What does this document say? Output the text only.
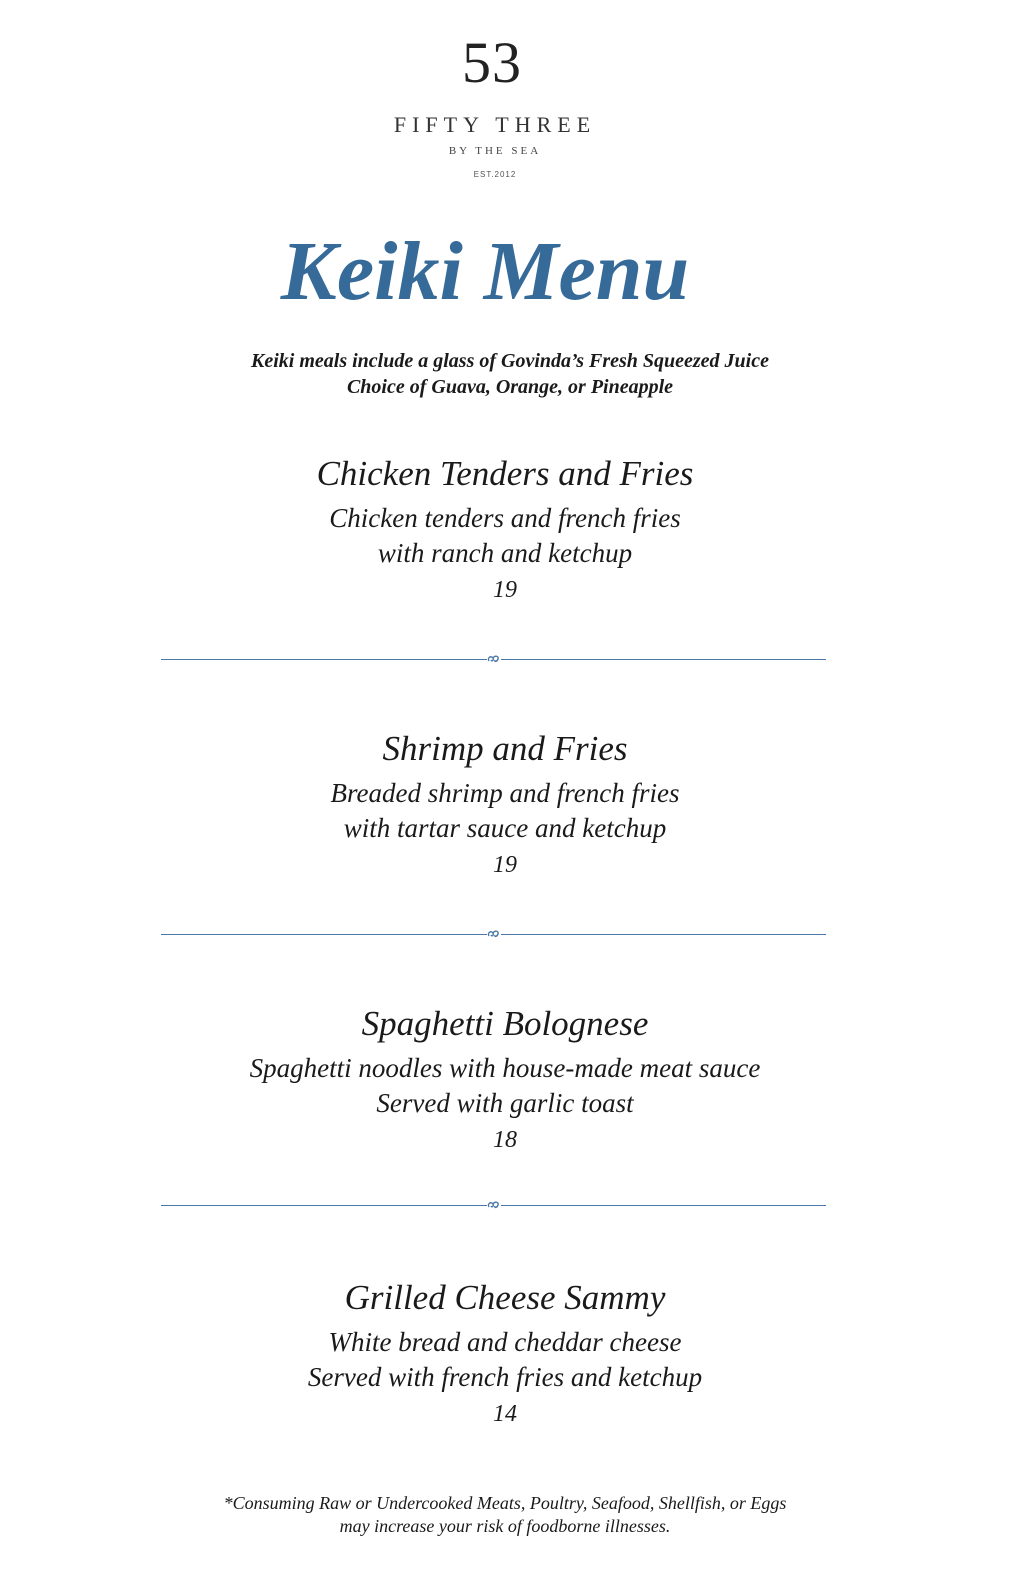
53
FIFTY THREE
BY THE SEA
EST.2012
Keiki Menu
Keiki meals include a glass of Govinda’s Fresh Squeezed Juice
Choice of Guava, Orange, or Pineapple
Chicken Tenders and Fries
Chicken tenders and french fries
with ranch and ketchup
19
Shrimp and Fries
Breaded shrimp and french fries
with tartar sauce and ketchup
19
Spaghetti Bolognese
Spaghetti noodles with house-made meat sauce
Served with garlic toast
18
Grilled Cheese Sammy
White bread and cheddar cheese
Served with french fries and ketchup
14
*Consuming Raw or Undercooked Meats, Poultry, Seafood, Shellfish, or Eggs
may increase your risk of foodborne illnesses.
